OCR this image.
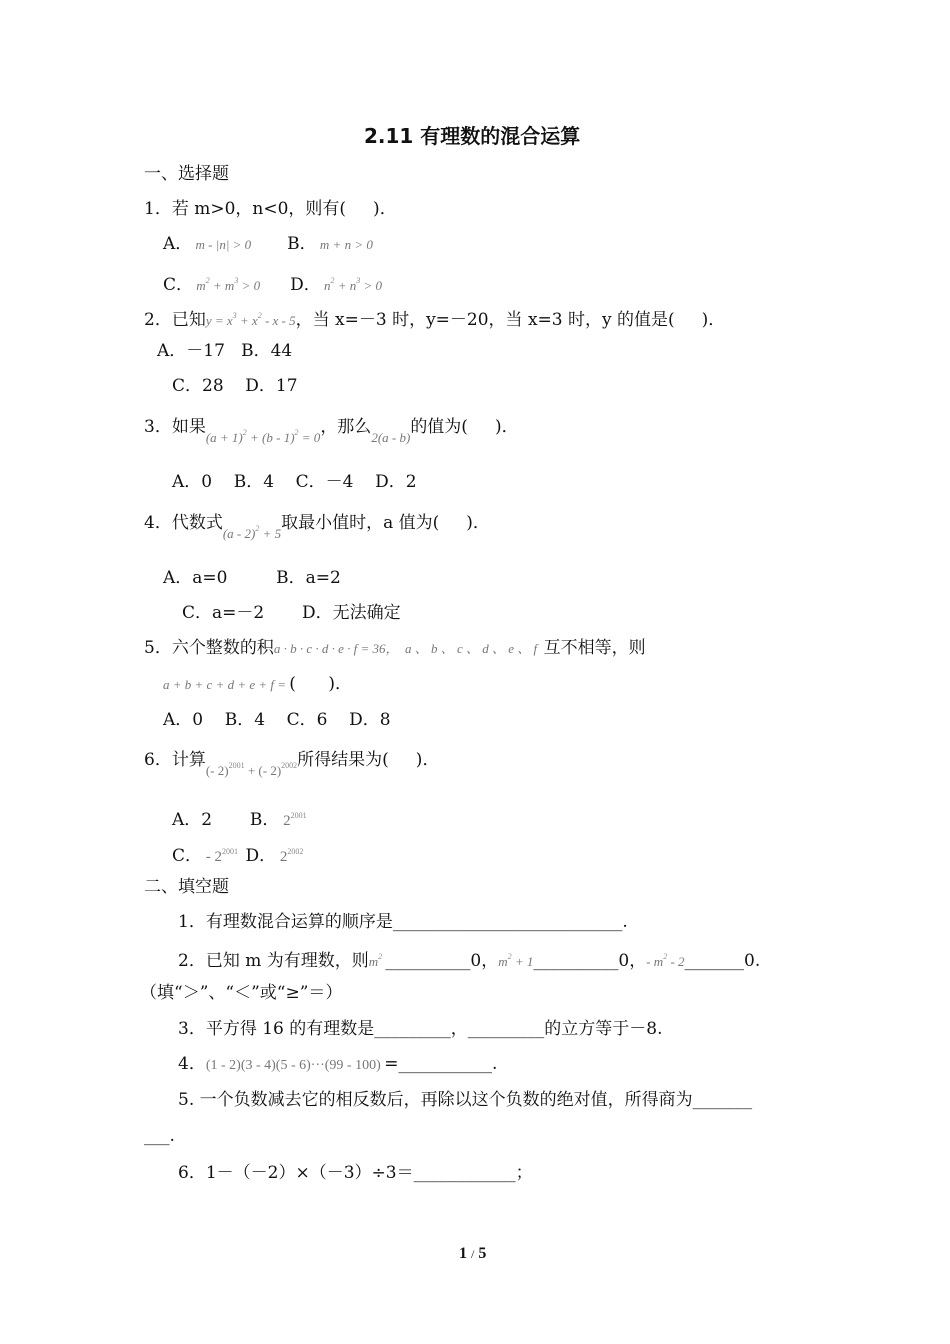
2.11 有理数的混合运算
一、选择题
1．若 m>0，n<0，则有(     )．
A． m - |n| > 0 B． m + n > 0
C． $m^2 + m^3 > 0$ D． $n^2 + n^3 > 0$
2．已知$y = x^3 + x^2 - x - 5$，当 x=－3 时，y=－20，当 x=3 时，y 的值是(     )．
A．－17   B．44
C．28    D．17
3．如果$_{(a + 1)^2 + (b - 1)^2 = 0}$，那么$_{2(a - b)}$的值为(     )．
A．0    B．4    C．－4    D．2
4．代数式$_{(a - 2)^2 + 5}$取最小值时，a 值为(     )．
A．a=0         B．a=2
C．a=－2       D．无法确定
5．六个整数的积a · b · c · d · e · f = 36，  a 、 b 、 c 、 d 、 e 、 f  互不相等，则
a + b + c + d + e + f = (      )．
A．0    B．4    C．6    D．8
6．计算$_{(- 2)^{2001} + (- 2)^{2002}}$所得结果为(     )．
A．2       B． $2^{2001}$
C． - $2^{2001}$ D． $2^{2002}$
二、填空题
1．有理数混合运算的顺序是___________________________.
2．已知 m 为有理数，则$m^2$ __________0，$m^2$ + 1__________0，- $m^2$ - 2_______0.
（填“＞”、“＜”或“≥”＝）
3．平方得 16 的有理数是_________，_________的立方等于－8.
4．(1 - 2)(3 - 4)(5 - 6)···(99 - 100) =___________.
5. 一个负数减去它的相反数后，再除以这个负数的绝对值，所得商为_______
___.
6．1－（－2）×（－3）÷3＝____________；
1 / 5
